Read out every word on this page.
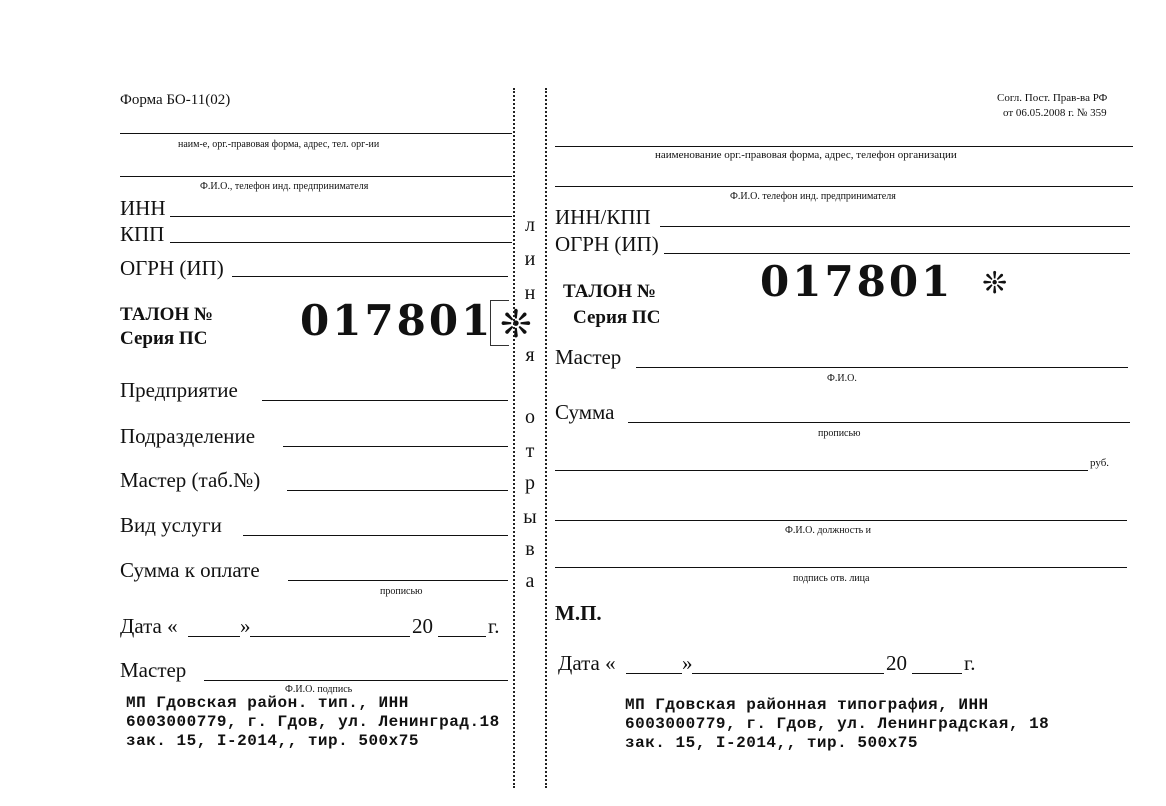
Форма БО-11(02)
наим-е, орг.-правовая форма, адрес, тел. орг-ии
Ф.И.О., телефон инд. предпринимателя
ИНН
КПП
ОГРН (ИП)
ТАЛОН №
Серия ПС 017801 ❊
Предприятие
Подразделение
Мастер (таб.№)
Вид услуги
Сумма к оплате
прописью
Дата «	»	20	г.
Мастер
Ф.И.О. подпись
МП Гдовская район. тип., ИНН
6003000779, г. Гдов, ул. Ленинград.18
зак. 15, I-2014,, тир. 500х75
л
и
н
я
о
т
р
ы
в
а
Согл. Пост. Прав-ва РФ
от 06.05.2008 г. № 359
наименование орг.-правовая форма, адрес, телефон организации
Ф.И.О. телефон инд. предпринимателя
ИНН/КПП
ОГРН (ИП)
ТАЛОН №
Серия ПС
017801 ❊
Мастер
Ф.И.О.
Сумма
прописью
руб.
Ф.И.О. должность и
подпись отв. лица
М.П.
Дата «	»	20	г.
МП Гдовская районная типография, ИНН
6003000779, г. Гдов, ул. Ленинградская, 18
зак. 15, I-2014,, тир. 500х75
